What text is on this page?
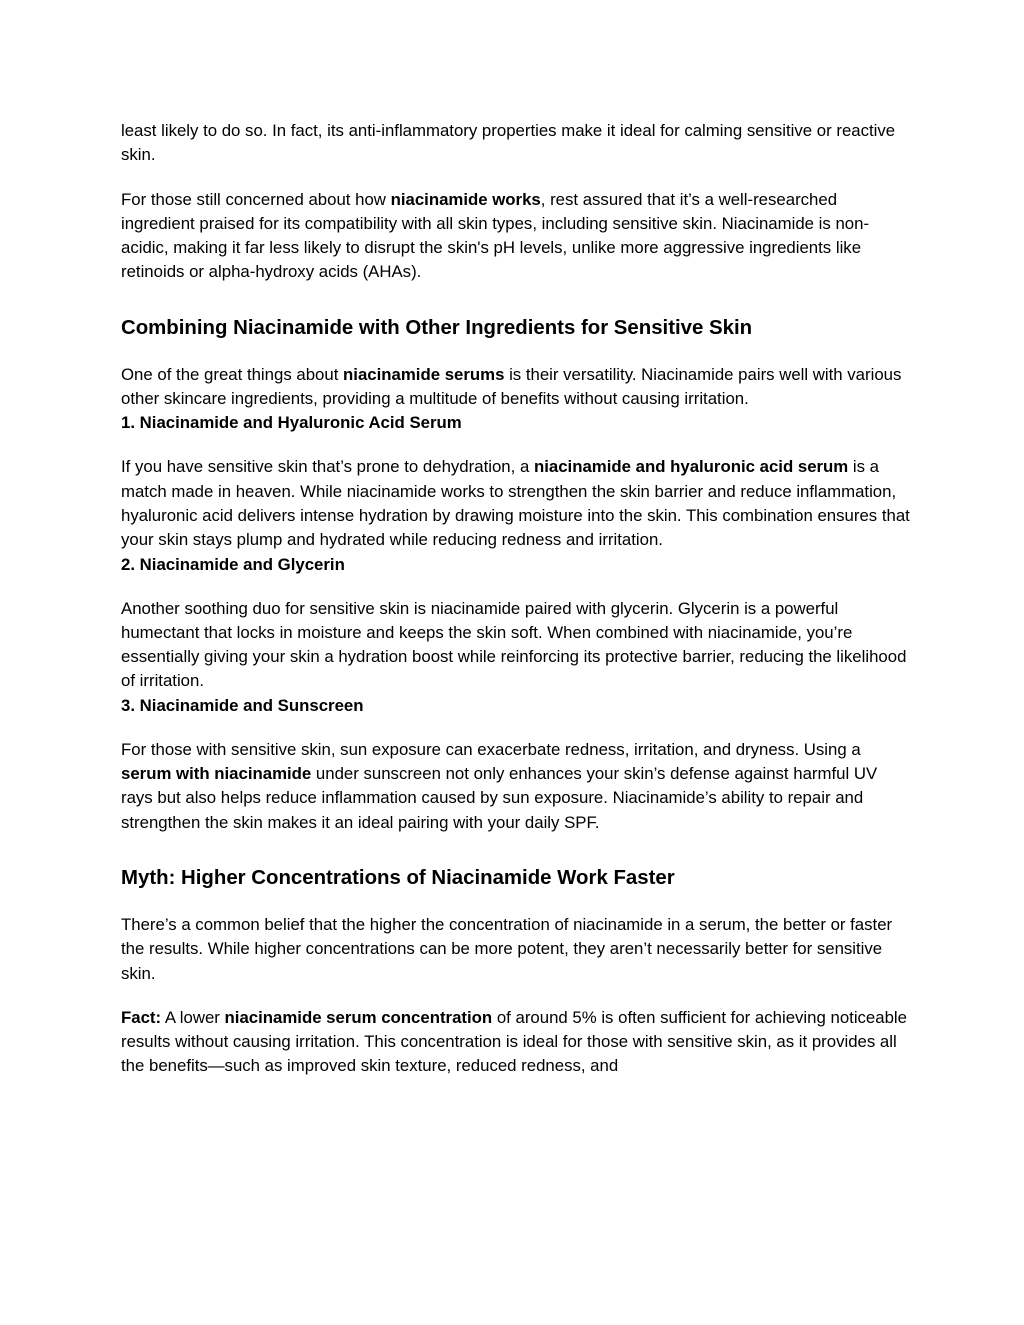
least likely to do so. In fact, its anti-inflammatory properties make it ideal for calming sensitive or reactive skin.

For those still concerned about how niacinamide works, rest assured that it’s a well-researched ingredient praised for its compatibility with all skin types, including sensitive skin. Niacinamide is non-acidic, making it far less likely to disrupt the skin's pH levels, unlike more aggressive ingredients like retinoids or alpha-hydroxy acids (AHAs).

Combining Niacinamide with Other Ingredients for Sensitive Skin

One of the great things about niacinamide serums is their versatility. Niacinamide pairs well with various other skincare ingredients, providing a multitude of benefits without causing irritation.

1. Niacinamide and Hyaluronic Acid Serum

If you have sensitive skin that’s prone to dehydration, a niacinamide and hyaluronic acid serum is a match made in heaven. While niacinamide works to strengthen the skin barrier and reduce inflammation, hyaluronic acid delivers intense hydration by drawing moisture into the skin. This combination ensures that your skin stays plump and hydrated while reducing redness and irritation.

2. Niacinamide and Glycerin

Another soothing duo for sensitive skin is niacinamide paired with glycerin. Glycerin is a powerful humectant that locks in moisture and keeps the skin soft. When combined with niacinamide, you’re essentially giving your skin a hydration boost while reinforcing its protective barrier, reducing the likelihood of irritation.

3. Niacinamide and Sunscreen

For those with sensitive skin, sun exposure can exacerbate redness, irritation, and dryness. Using a serum with niacinamide under sunscreen not only enhances your skin’s defense against harmful UV rays but also helps reduce inflammation caused by sun exposure. Niacinamide’s ability to repair and strengthen the skin makes it an ideal pairing with your daily SPF.

Myth: Higher Concentrations of Niacinamide Work Faster

There’s a common belief that the higher the concentration of niacinamide in a serum, the better or faster the results. While higher concentrations can be more potent, they aren’t necessarily better for sensitive skin.

Fact: A lower niacinamide serum concentration of around 5% is often sufficient for achieving noticeable results without causing irritation. This concentration is ideal for those with sensitive skin, as it provides all the benefits—such as improved skin texture, reduced redness, and
